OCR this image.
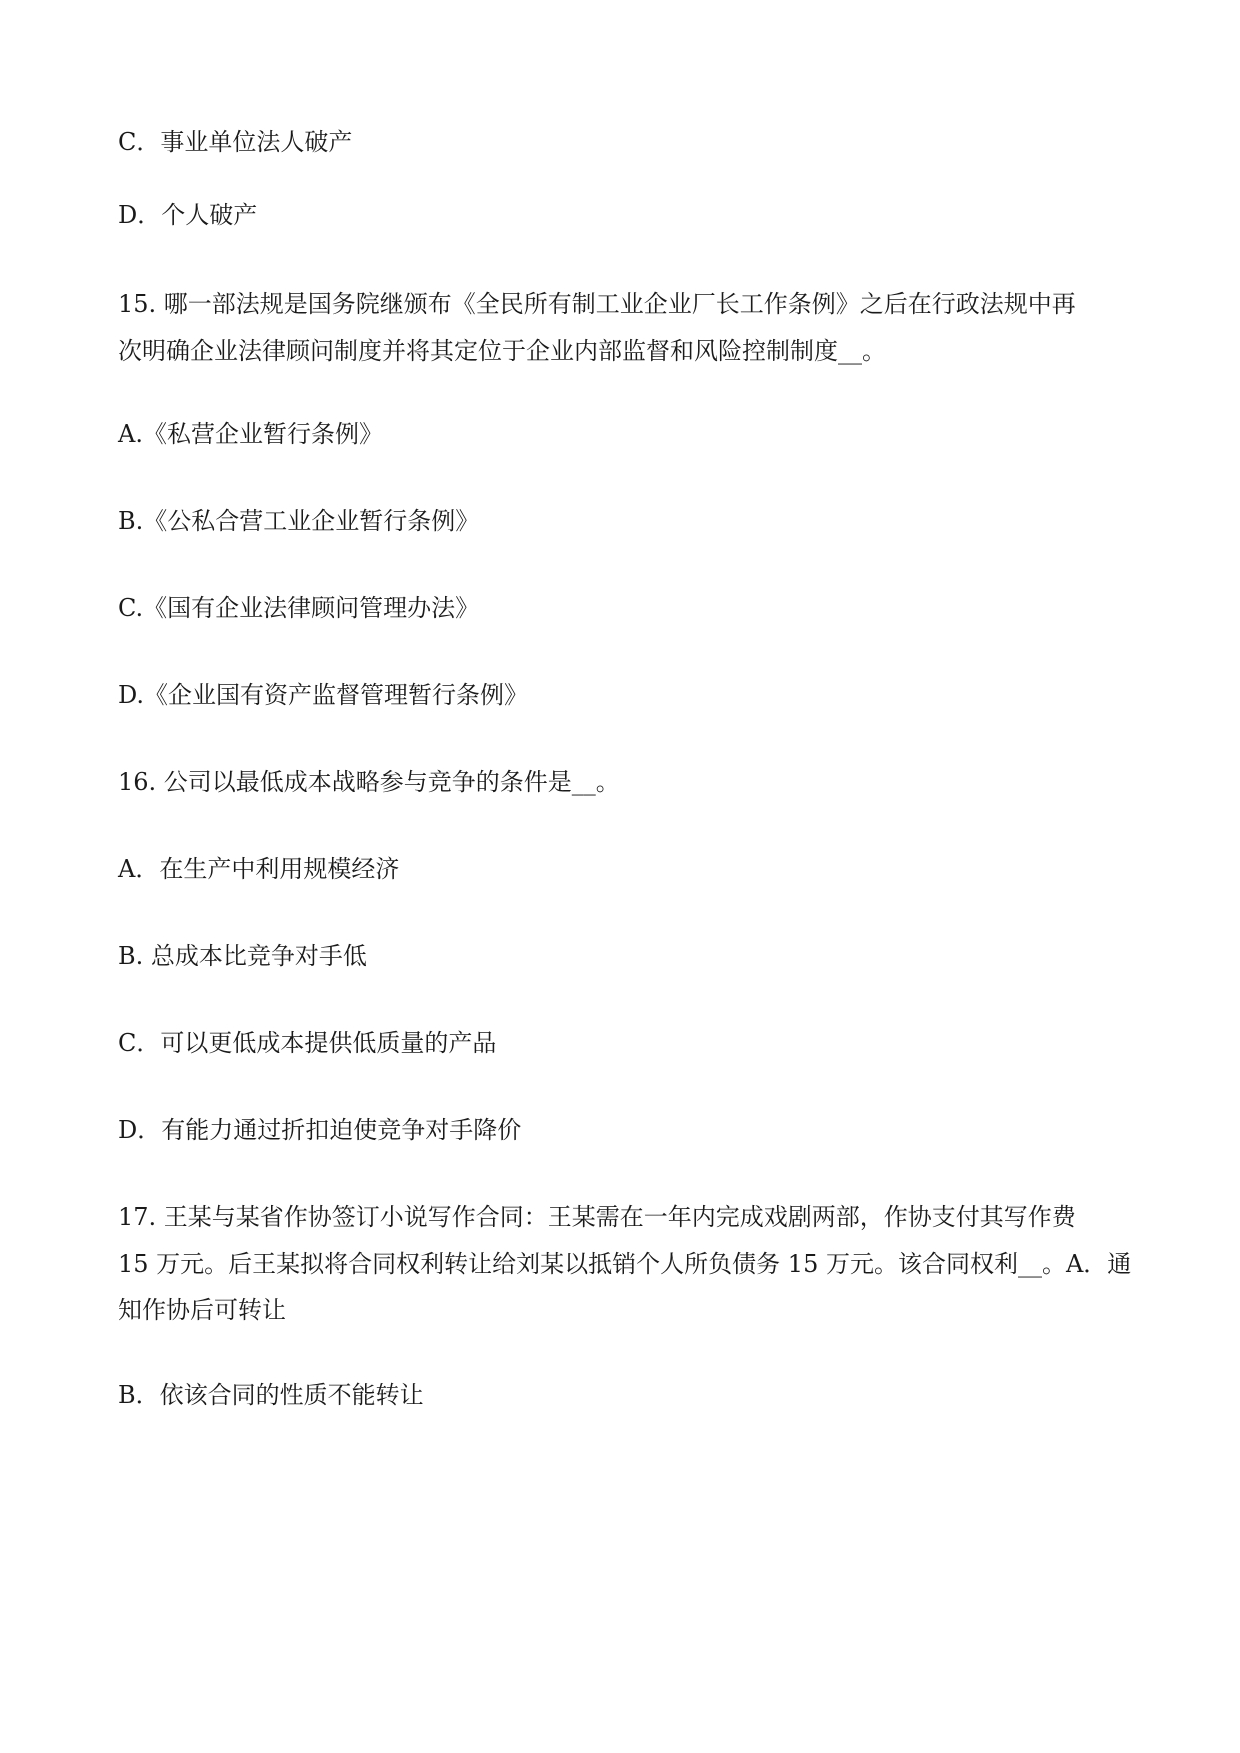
C．事业单位法人破产
D．个人破产
15. 哪一部法规是国务院继颁布《全民所有制工业企业厂长工作条例》之后在行政法规中再
次明确企业法律顾问制度并将其定位于企业内部监督和风险控制制度__。
A.《私营企业暂行条例》
B.《公私合营工业企业暂行条例》
C.《国有企业法律顾问管理办法》
D.《企业国有资产监督管理暂行条例》
16. 公司以最低成本战略参与竞争的条件是__。
A．在生产中利用规模经济
B. 总成本比竞争对手低
C．可以更低成本提供低质量的产品
D．有能力通过折扣迫使竞争对手降价
17. 王某与某省作协签订小说写作合同：王某需在一年内完成戏剧两部，作协支付其写作费
15 万元。后王某拟将合同权利转让给刘某以抵销个人所负债务 15 万元。该合同权利__。A．通
知作协后可转让
B．依该合同的性质不能转让
